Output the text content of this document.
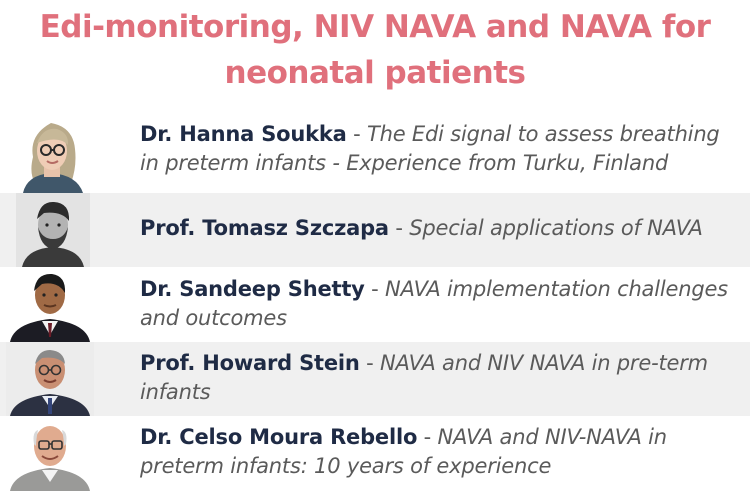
Edi-monitoring, NIV NAVA and NAVA for
neonatal patients
Dr. Hanna Soukka - The Edi signal to assess breathing in preterm infants - Experience from Turku, Finland
Prof. Tomasz Szczapa - Special applications of NAVA
Dr. Sandeep Shetty - NAVA implementation challenges and outcomes
Prof. Howard Stein - NAVA and NIV NAVA in pre-term infants
Dr. Celso Moura Rebello - NAVA and NIV-NAVA in preterm infants: 10 years of experience
